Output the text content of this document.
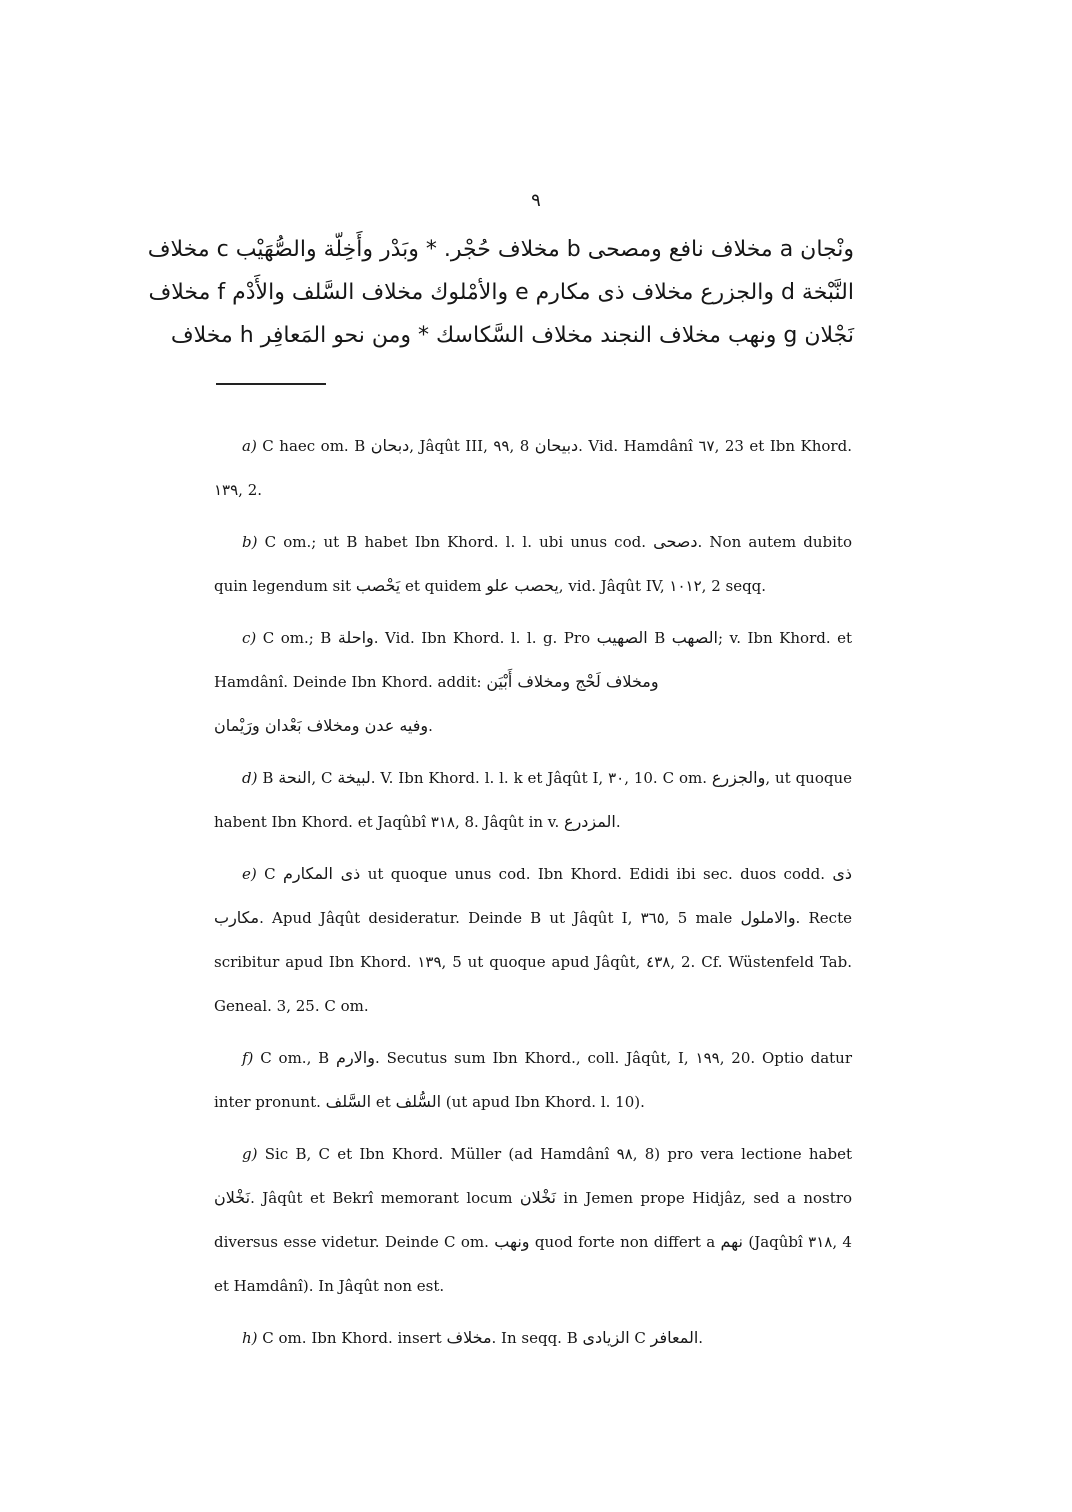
٩
ونْجان a مخلاف نافع ومصحى b مخلاف حُجْر. * وبَدْر وأَخِلّة والصُّهَيْب c مخلاف
النَّبْخة d والجزرع مخلاف ذى مكارم e والأمْلوك مخلاف السَّلف والأَدْم f مخلاف
نَجْلان g ونهب مخلاف النجند مخلاف السَّكاسك * ومن نحو المَعافِر h مخلاف

a) C haec om. B دبحان, Jâqût III, ٩٩, 8 دبيحان. Vid. Hamdânî ٦٧, 23 et Ibn Khord. ١٣٩, 2.

b) C om.; ut B habet Ibn Khord. l. l. ubi unus cod. دصحى. Non autem dubito quin legendum sit يَحْصب et quidem يحصب علو, vid. Jâqût IV, ١٠١٢, 2 seqq.

c) C om.; B واحلة. Vid. Ibn Khord. l. l. g. Pro الصهيب B الصهب; v. Ibn Khord. et Hamdânî. Deinde Ibn Khord. addit: ومخلاف لَحْج ومخلاف أَبْيَن
وفيه عدن ومخلاف بَعْدان ورَيْمان.

d) B النحة, C لبيخة. V. Ibn Khord. l. l. k et Jâqût I, ٣٠, 10. C om. والجزرع, ut quoque habent Ibn Khord. et Jaqûbî ٣١٨, 8. Jâqût in v. المزدرع.

e) C ذى المكارم ut quoque unus cod. Ibn Khord. Edidi ibi sec. duos codd. ذى مكارب. Apud Jâqût desideratur. Deinde B ut Jâqût I, ٣٦٥, 5 male والاملول. Recte scribitur apud Ibn Khord. ١٣٩, 5 ut quoque apud Jâqût, ٤٣٨, 2. Cf. Wüstenfeld Tab. Geneal. 3, 25. C om.

f) C om., B والارم. Secutus sum Ibn Khord., coll. Jâqût, I, ١٩٩, 20. Optio datur inter pronunt. السَّلف et السُّلف (ut apud Ibn Khord. l. 10).

g) Sic B, C et Ibn Khord. Müller (ad Hamdânî ٩٨, 8) pro vera lectione habet نَخْلان. Jâqût et Bekrî memorant locum نَخْلان in Jemen prope Hidjâz, sed a nostro diversus esse videtur. Deinde C om. ونهب quod forte non differt a نهم (Jaqûbî ٣١٨, 4 et Hamdânî). In Jâqût non est.

h) C om. Ibn Khord. insert مخلاف. In seqq. B الزيادى C المعافر.
